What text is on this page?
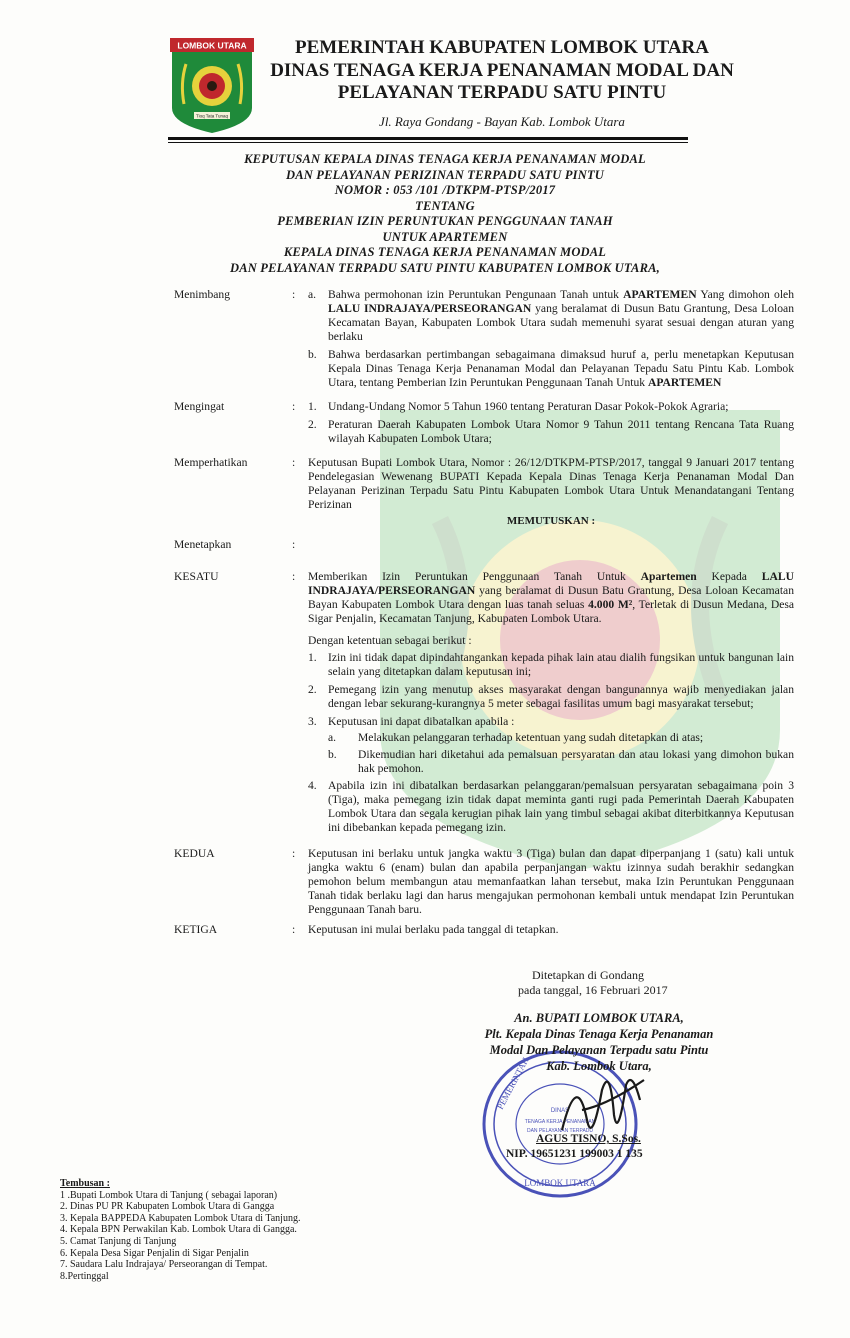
LOMBOK UTARA
Tioq Tata Tunaq
PEMERINTAH KABUPATEN LOMBOK UTARA
DINAS TENAGA KERJA PENANAMAN MODAL DAN
PELAYANAN TERPADU SATU PINTU
Jl. Raya Gondang - Bayan Kab. Lombok Utara
KEPUTUSAN KEPALA DINAS TENAGA KERJA PENANAMAN MODAL
DAN PELAYANAN PERIZINAN TERPADU SATU PINTU
NOMOR : 053 /101 /DTKPM-PTSP/2017
TENTANG
PEMBERIAN IZIN PERUNTUKAN PENGGUNAAN TANAH
UNTUK APARTEMEN
KEPALA DINAS TENAGA KERJA PENANAMAN MODAL
DAN PELAYANAN TERPADU SATU PINTU KABUPATEN LOMBOK UTARA,
Menimbang	:	a.	Bahwa permohonan izin Peruntukan Pengunaan Tanah untuk APARTEMEN Yang dimohon oleh LALU INDRAJAYA/PERSEORANGAN yang beralamat di Dusun Batu Grantung, Desa Loloan Kecamatan Bayan, Kabupaten Lombok Utara sudah memenuhi syarat sesuai dengan aturan yang berlaku
b. Bahwa berdasarkan pertimbangan sebagaimana dimaksud huruf a, perlu menetapkan Keputusan Kepala Dinas Tenaga Kerja Penanaman Modal dan Pelayanan Tepadu Satu Pintu Kab. Lombok Utara, tentang Pemberian Izin Peruntukan Penggunaan Tanah Untuk APARTEMEN
Mengingat	:	1. Undang-Undang Nomor 5 Tahun 1960 tentang Peraturan Dasar Pokok-Pokok Agraria;
2. Peraturan Daerah Kabupaten Lombok Utara Nomor 9 Tahun 2011 tentang Rencana Tata Ruang wilayah Kabupaten Lombok Utara;
Memperhatikan	:	Keputusan Bupati Lombok Utara, Nomor : 26/12/DTKPM-PTSP/2017, tanggal 9 Januari 2017 tentang Pendelegasian Wewenang BUPATI Kepada Kepala Dinas Tenaga Kerja Penanaman Modal Dan Pelayanan Perizinan Terpadu Satu Pintu Kabupaten Lombok Utara Untuk Menandatangani Tentang Perizinan
MEMUTUSKAN :
Menetapkan	:
KESATU	:	Memberikan Izin Peruntukan Penggunaan Tanah Untuk Apartemen Kepada LALU INDRAJAYA/PERSEORANGAN yang beralamat di Dusun Batu Grantung, Desa Loloan Kecamatan Bayan Kabupaten Lombok Utara dengan luas tanah seluas 4.000 M², Terletak di Dusun Medana, Desa Sigar Penjalin, Kecamatan Tanjung, Kabupaten Lombok Utara.
Dengan ketentuan sebagai berikut :
1. Izin ini tidak dapat dipindahtangankan kepada pihak lain atau dialih fungsikan untuk bangunan lain selain yang ditetapkan dalam keputusan ini;
2. Pemegang izin yang menutup akses masyarakat dengan bangunannya wajib menyediakan jalan dengan lebar sekurang-kurangnya 5 meter sebagai fasilitas umum bagi masyarakat tersebut;
3. Keputusan ini dapat dibatalkan apabila :
a.	Melakukan pelanggaran terhadap ketentuan yang sudah ditetapkan di atas;
b.	Dikemudian hari diketahui ada pemalsuan persyaratan dan atau lokasi yang dimohon bukan hak pemohon.
4. Apabila izin ini dibatalkan berdasarkan pelanggaran/pemalsuan persyaratan sebagaimana poin 3 (Tiga), maka pemegang izin tidak dapat meminta ganti rugi pada Pemerintah Daerah Kabupaten Lombok Utara dan segala kerugian pihak lain yang timbul sebagai akibat diterbitkannya Keputusan ini dibebankan kepada pemegang izin.
KEDUA	:	Keputusan ini berlaku untuk jangka waktu 3 (Tiga) bulan dan dapat diperpanjang 1 (satu) kali untuk jangka waktu 6 (enam) bulan dan apabila perpanjangan waktu izinnya sudah berakhir sedangkan pemohon belum membangun atau memanfaatkan lahan tersebut, maka Izin Peruntukan Penggunaan Tanah tidak berlaku lagi dan harus mengajukan permohonan kembali untuk mendapat Izin Peruntukan Penggunaan Tanah baru.
KETIGA	:	Keputusan ini mulai berlaku pada tanggal di tetapkan.
Ditetapkan di Gondang
pada tanggal, 16 Februari 2017
PEMERINTAH
LOMBOK UTARA
DINAS
TENAGA KERJA PENANAMAN
DAN PELAYANAN TERPADU
An. BUPATI LOMBOK UTARA,
Plt. Kepala Dinas Tenaga Kerja Penanaman
Modal Dan Pelayanan Terpadu satu Pintu
Kab. Lombok Utara,
AGUS TISNO, S.Sos.
NIP. 19651231 199003 1 135
Tembusan :
1 .Bupati Lombok Utara di Tanjung ( sebagai laporan)
2. Dinas PU PR Kabupaten Lombok Utara di Gangga
3. Kepala BAPPEDA Kabupaten Lombok Utara di Tanjung.
4. Kepala BPN Perwakilan Kab. Lombok Utara di Gangga.
5. Camat Tanjung di Tanjung
6. Kepala Desa Sigar Penjalin di Sigar Penjalin
7. Saudara Lalu Indrajaya/ Perseorangan di Tempat.
8.Pertinggal
